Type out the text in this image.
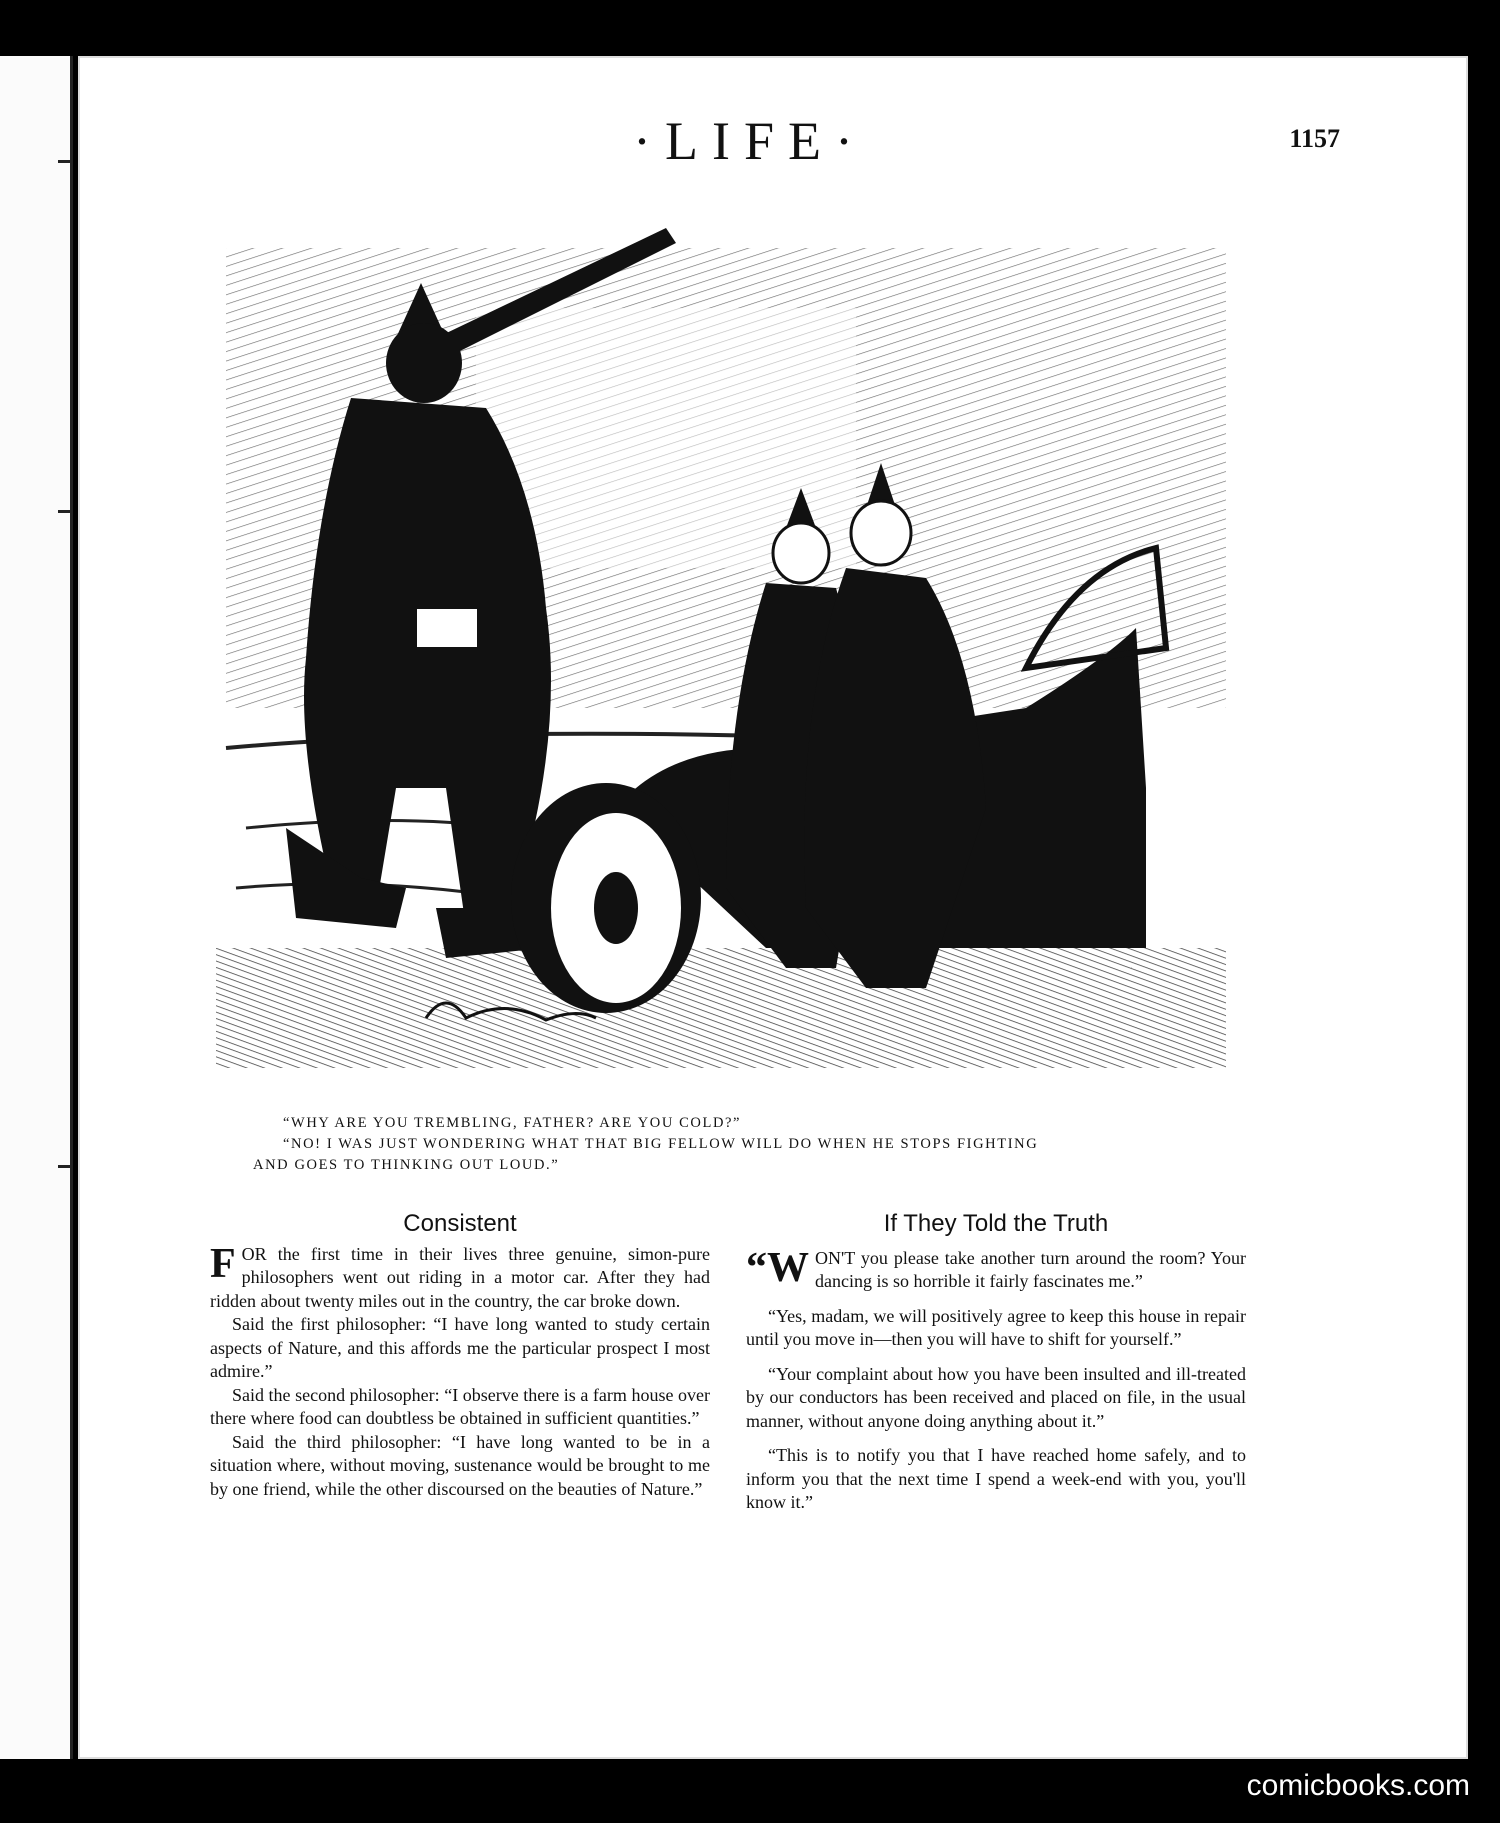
·LIFE·	1157
“WHY ARE YOU TREMBLING, FATHER? ARE YOU COLD?”
“NO! I WAS JUST WONDERING WHAT THAT BIG FELLOW WILL DO WHEN HE STOPS FIGHTING
AND GOES TO THINKING OUT LOUD.”
Consistent

FOR the first time in their lives three genuine, simon-pure philosophers went out riding in a motor car. After they had ridden about twenty miles out in the country, the car broke down.

Said the first philosopher: “I have long wanted to study certain aspects of Nature, and this affords me the particular prospect I most admire.”

Said the second philosopher: “I observe there is a farm house over there where food can doubtless be obtained in sufficient quantities.”

Said the third philosopher: “I have long wanted to be in a situation where, without moving, sustenance would be brought to me by one friend, while the other discoursed on the beauties of Nature.”

If They Told the Truth

“WON'T you please take another turn around the room? Your dancing is so horrible it fairly fascinates me.”

“Yes, madam, we will positively agree to keep this house in repair until you move in—then you will have to shift for yourself.”

“Your complaint about how you have been insulted and ill-treated by our conductors has been received and placed on file, in the usual manner, without anyone doing anything about it.”

“This is to notify you that I have reached home safely, and to inform you that the next time I spend a week-end with you, you'll know it.”

comicbooks.com
